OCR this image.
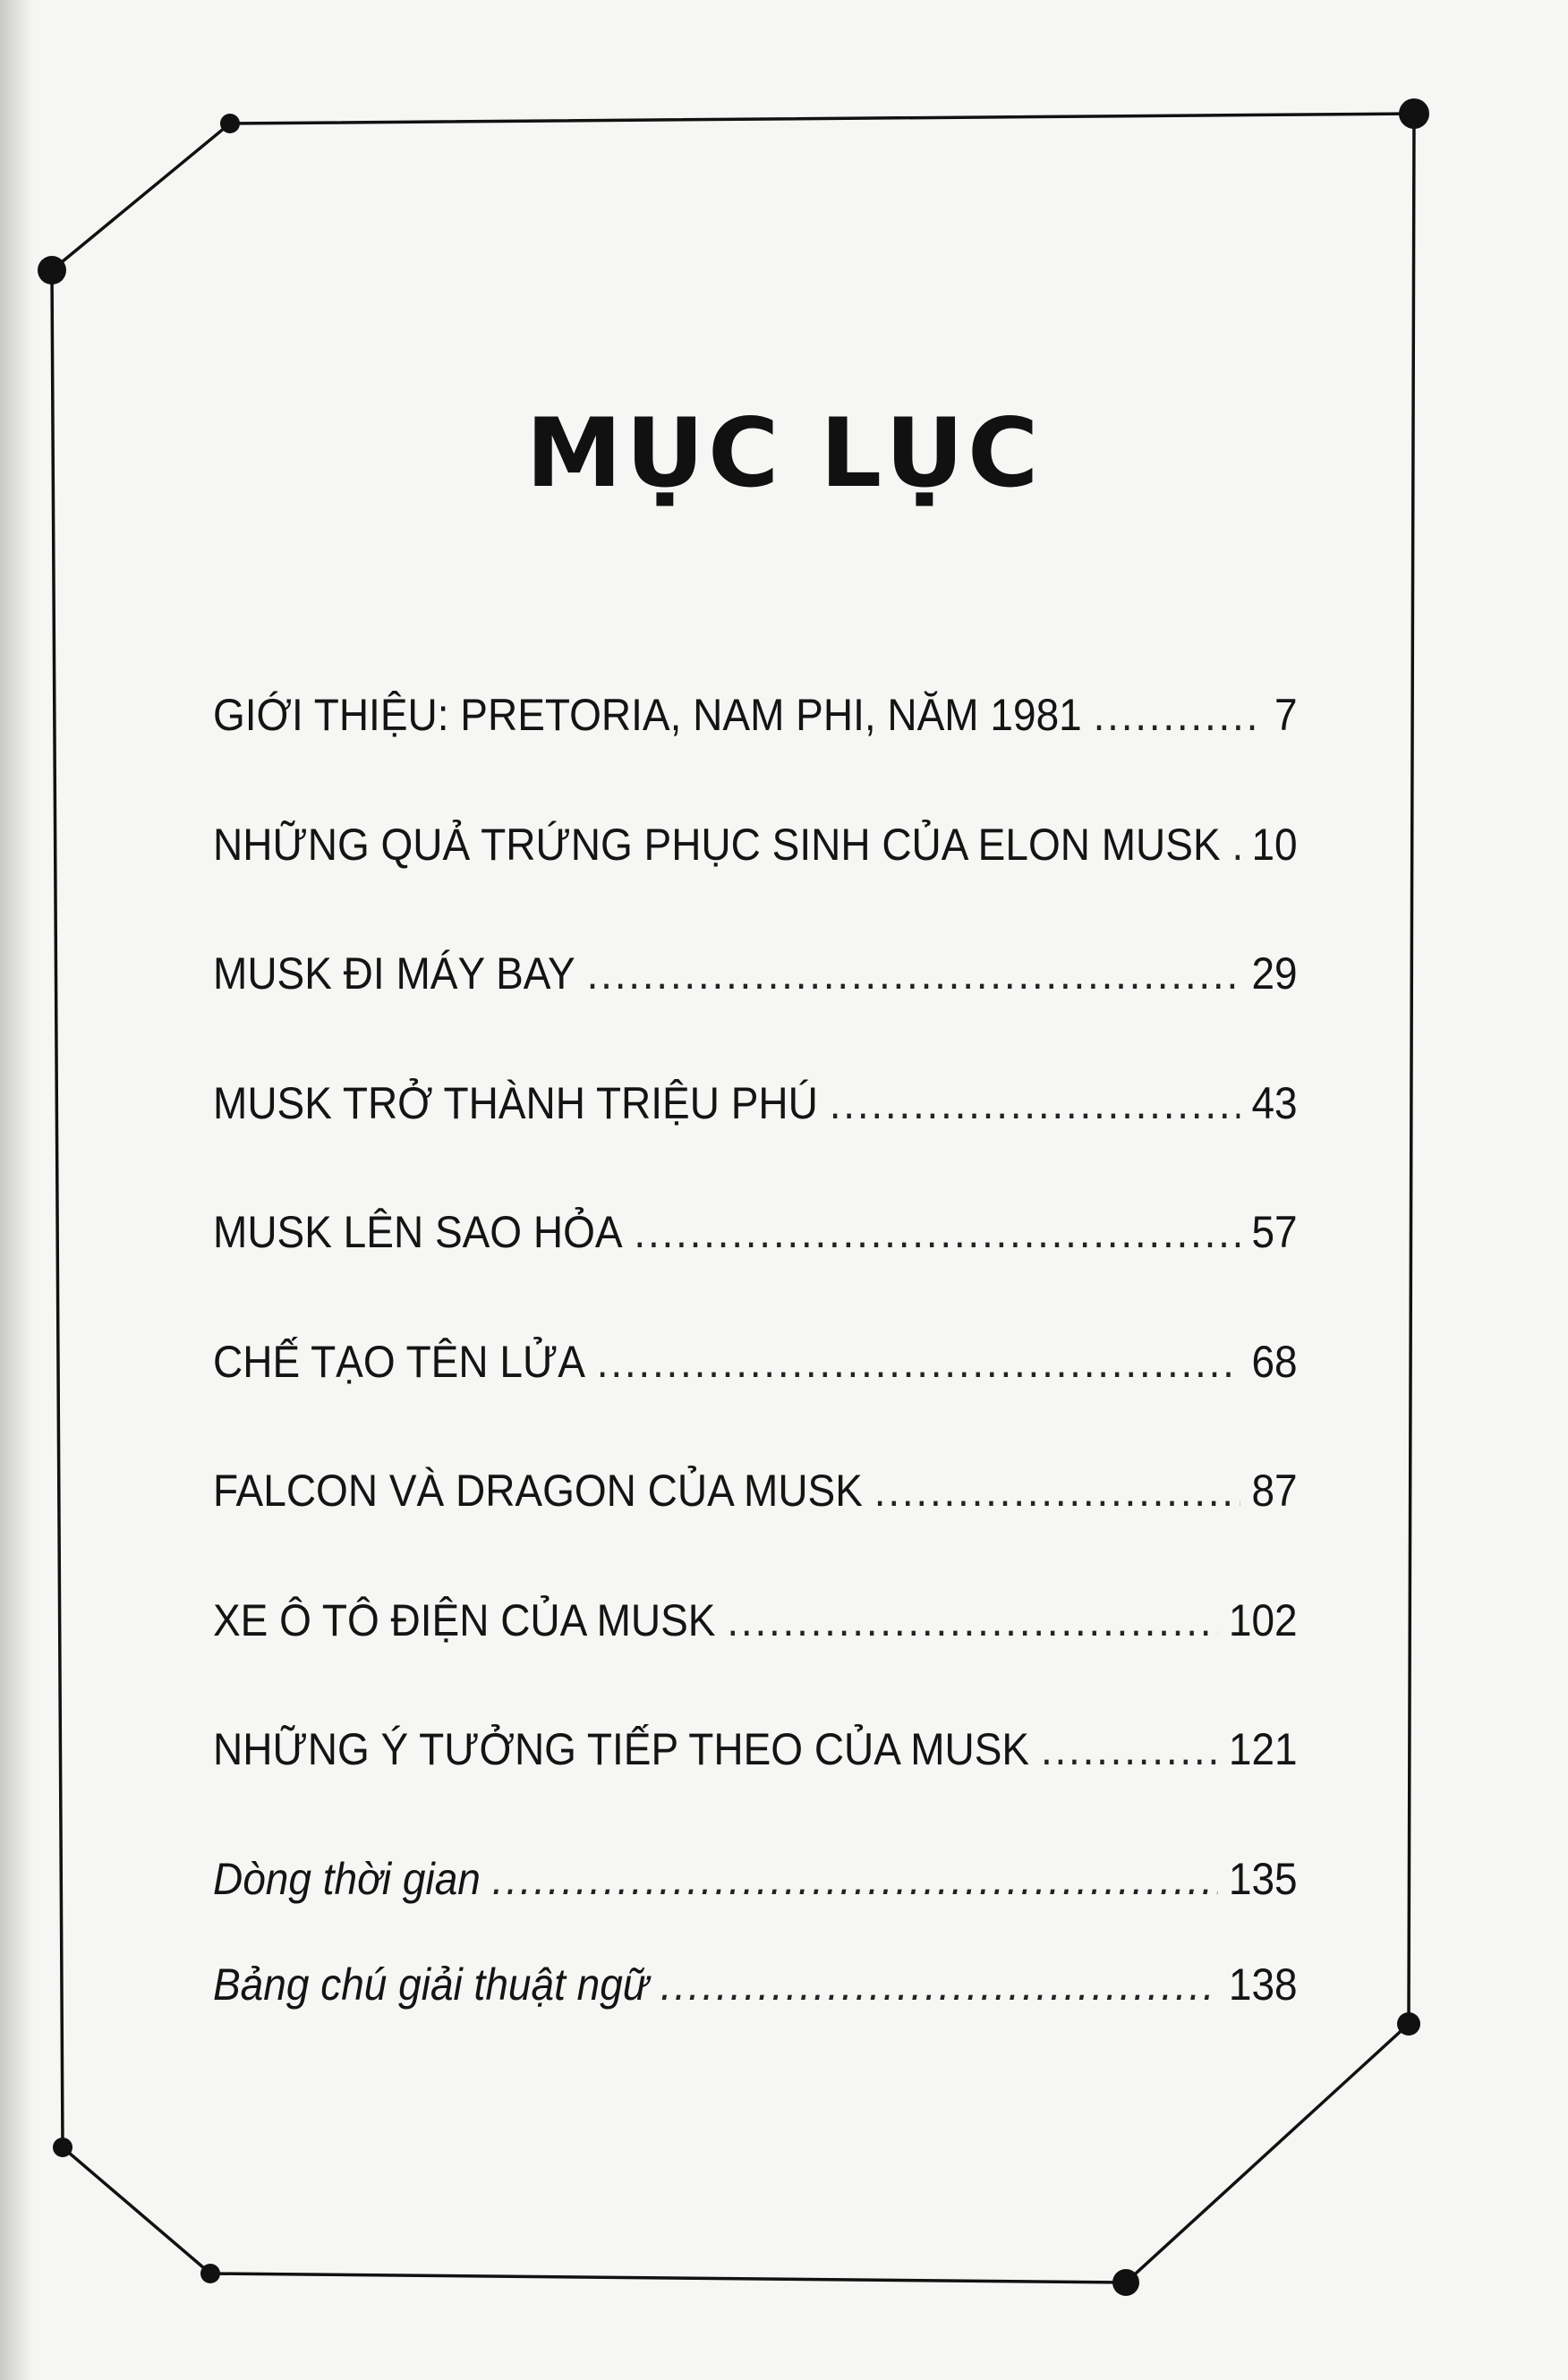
MỤC LỤC
GIỚI THIỆU: PRETORIA, NAM PHI, NĂM 1981 .....	7
NHỮNG QUẢ TRỨNG PHỤC SINH CỦA ELON MUSK ..... 10
MUSK ĐI MÁY BAY .....	29
MUSK TRỞ THÀNH TRIỆU PHÚ .....	43
MUSK LÊN SAO HỎA .....	57
CHẾ TẠO TÊN LỬA .....	68
FALCON VÀ DRAGON CỦA MUSK .....	87
XE Ô TÔ ĐIỆN CỦA MUSK .....	102
NHỮNG Ý TƯỞNG TIẾP THEO CỦA MUSK .....	121
Dòng thời gian .....	135
Bảng chú giải thuật ngữ .....	138
